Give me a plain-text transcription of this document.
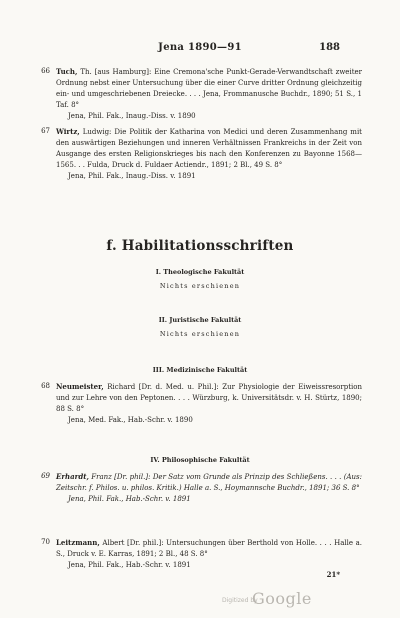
Jena 1890—91	188
66 Tuch, Th. [aus Hamburg]: Eine Cremona'sche Punkt-Gerade-Verwandtschaft zweiter Ordnung nebst einer Untersuchung über die einer Curve dritter Ordnung gleichzeitig ein- und umgeschriebenen Dreiecke. . . . Jena, Frommanusche Buchdr., 1890; 51 S., 1 Taf. 8°
Jena, Phil. Fak., Inaug.-Diss. v. 1890
67 Wirtz, Ludwig: Die Politik der Katharina von Medici und deren Zusammenhang mit den auswärtigen Beziehungen und inneren Verhältnissen Frankreichs in der Zeit von Ausgange des ersten Religionskrieges bis nach den Konferenzen zu Bayonne 1568—1565. . . Fulda, Druck d. Fuldaer Actiendr., 1891; 2 Bl., 49 S. 8°
Jena, Phil. Fak., Inaug.-Diss. v. 1891
f. Habilitationsschriften
I. Theologische Fakultät
Nichts erschienen
II. Juristische Fakultät
Nichts erschienen
III. Medizinische Fakultät
68 Neumeister, Richard [Dr. d. Med. u. Phil.]: Zur Physiologie der Eiweissresorption und zur Lehre von den Peptonen. . . . Würzburg, k. Universitätsdr. v. H. Stürtz, 1890; 88 S. 8°
Jena, Med. Fak., Hab.-Schr. v. 1890
IV. Philosophische Fakultät
69 Erhardt, Franz [Dr. phil.]: Der Satz vom Grunde als Prinzip des Schließens. . . . (Aus: Zeitschr. f. Philos. u. philos. Kritik.) Halle a. S., Hoymannsche Buchdr., 1891; 36 S. 8°
Jena, Phil. Fak., Hab.-Schr. v. 1891
70 Leitzmann, Albert [Dr. phil.]: Untersuchungen über Berthold von Holle. . . . Halle a. S., Druck v. E. Karras, 1891; 2 Bl., 48 S. 8°
Jena, Phil. Fak., Hab.-Schr. v. 1891
21*
Digitized by
Google
